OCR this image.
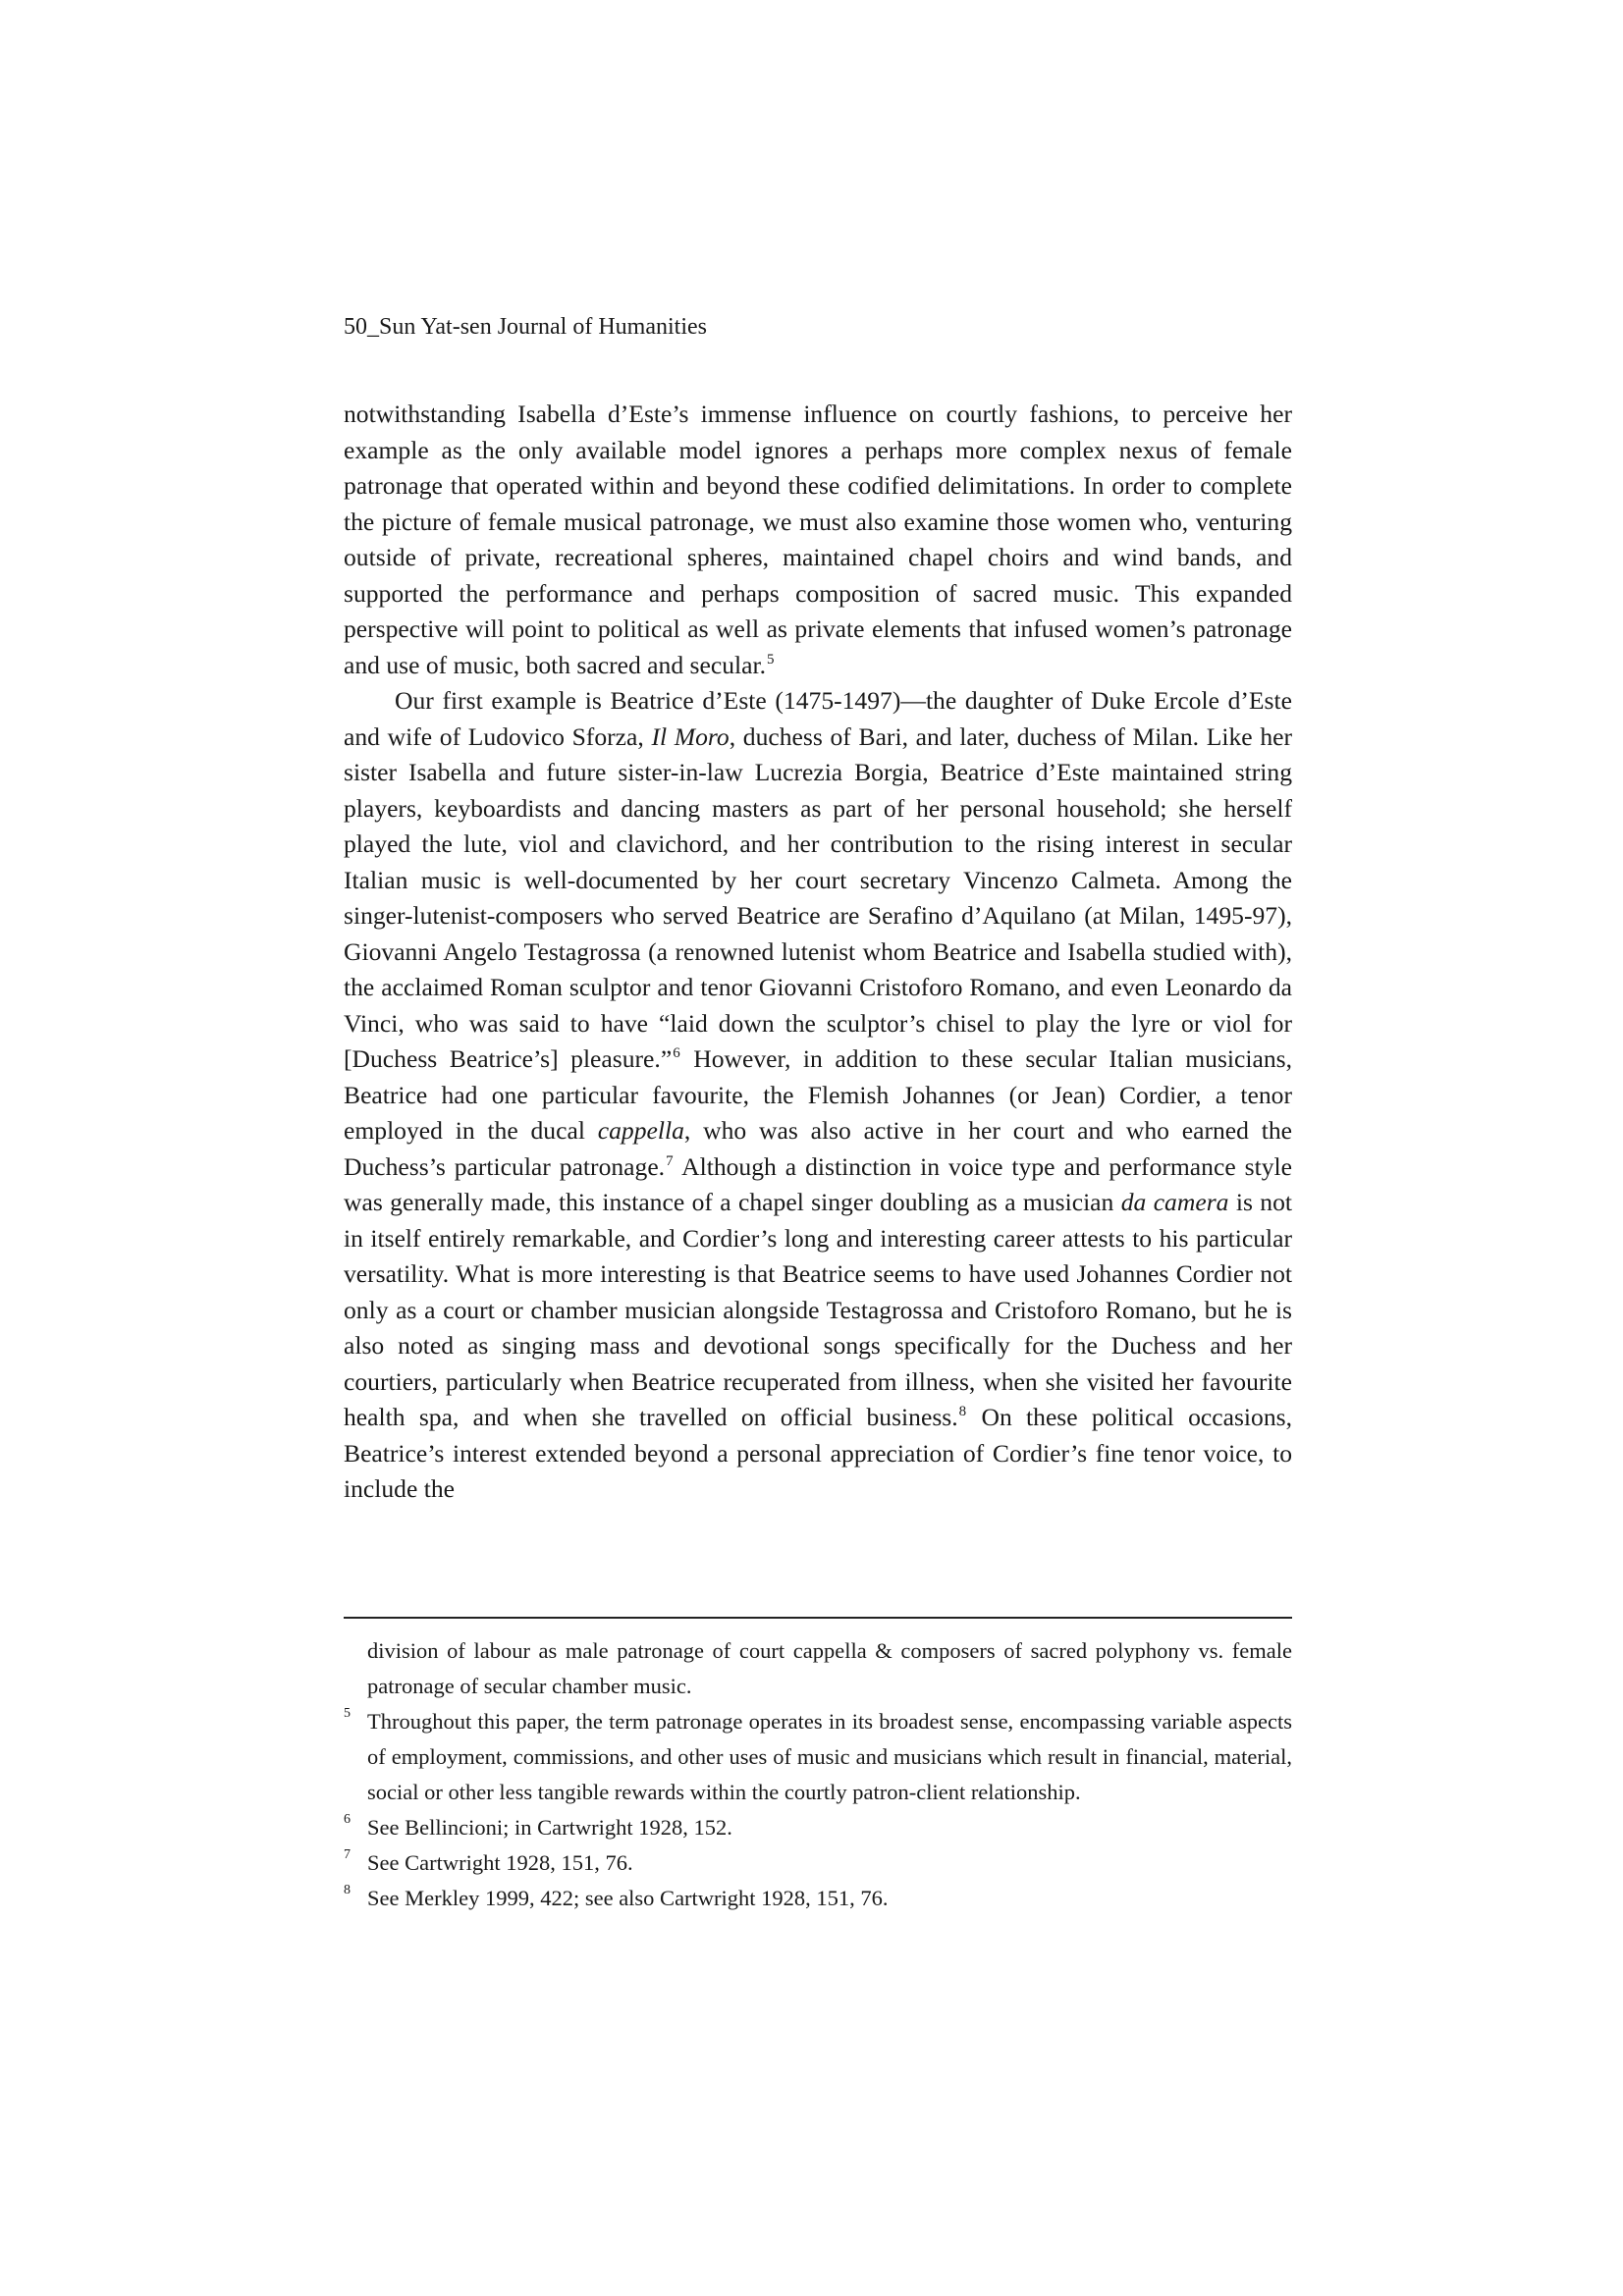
50_Sun Yat-sen Journal of Humanities

notwithstanding Isabella d’Este’s immense influence on courtly fashions, to perceive her example as the only available model ignores a perhaps more complex nexus of female patronage that operated within and beyond these codified delimitations. In order to complete the picture of female musical patronage, we must also examine those women who, venturing outside of private, recreational spheres, maintained chapel choirs and wind bands, and supported the performance and perhaps composition of sacred music. This expanded perspective will point to political as well as private elements that infused women’s patronage and use of music, both sacred and secular.$^5$

Our first example is Beatrice d’Este (1475-1497)—the daughter of Duke Ercole d’Este and wife of Ludovico Sforza, Il Moro, duchess of Bari, and later, duchess of Milan. Like her sister Isabella and future sister-in-law Lucrezia Borgia, Beatrice d’Este maintained string players, keyboardists and dancing masters as part of her personal household; she herself played the lute, viol and clavichord, and her contribution to the rising interest in secular Italian music is well-documented by her court secretary Vincenzo Calmeta. Among the singer-lutenist-composers who served Beatrice are Serafino d’Aquilano (at Milan, 1495-97), Giovanni Angelo Testagrossa (a renowned lutenist whom Beatrice and Isabella studied with), the acclaimed Roman sculptor and tenor Giovanni Cristoforo Romano, and even Leonardo da Vinci, who was said to have “laid down the sculptor’s chisel to play the lyre or viol for [Duchess Beatrice’s] pleasure.”$^6$ However, in addition to these secular Italian musicians, Beatrice had one particular favourite, the Flemish Johannes (or Jean) Cordier, a tenor employed in the ducal cappella, who was also active in her court and who earned the Duchess’s particular patronage.$^7$ Although a distinction in voice type and performance style was generally made, this instance of a chapel singer doubling as a musician da camera is not in itself entirely remarkable, and Cordier’s long and interesting career attests to his particular versatility. What is more interesting is that Beatrice seems to have used Johannes Cordier not only as a court or chamber musician alongside Testagrossa and Cristoforo Romano, but he is also noted as singing mass and devotional songs specifically for the Duchess and her courtiers, particularly when Beatrice recuperated from illness, when she visited her favourite health spa, and when she travelled on official business.$^8$ On these political occasions, Beatrice’s interest extended beyond a personal appreciation of Cordier’s fine tenor voice, to include the

division of labour as male patronage of court cappella & composers of sacred polyphony vs. female patronage of secular chamber music.
5 Throughout this paper, the term patronage operates in its broadest sense, encompassing variable aspects of employment, commissions, and other uses of music and musicians which result in financial, material, social or other less tangible rewards within the courtly patron-client relationship.
6 See Bellincioni; in Cartwright 1928, 152.
7 See Cartwright 1928, 151, 76.
8 See Merkley 1999, 422; see also Cartwright 1928, 151, 76.
